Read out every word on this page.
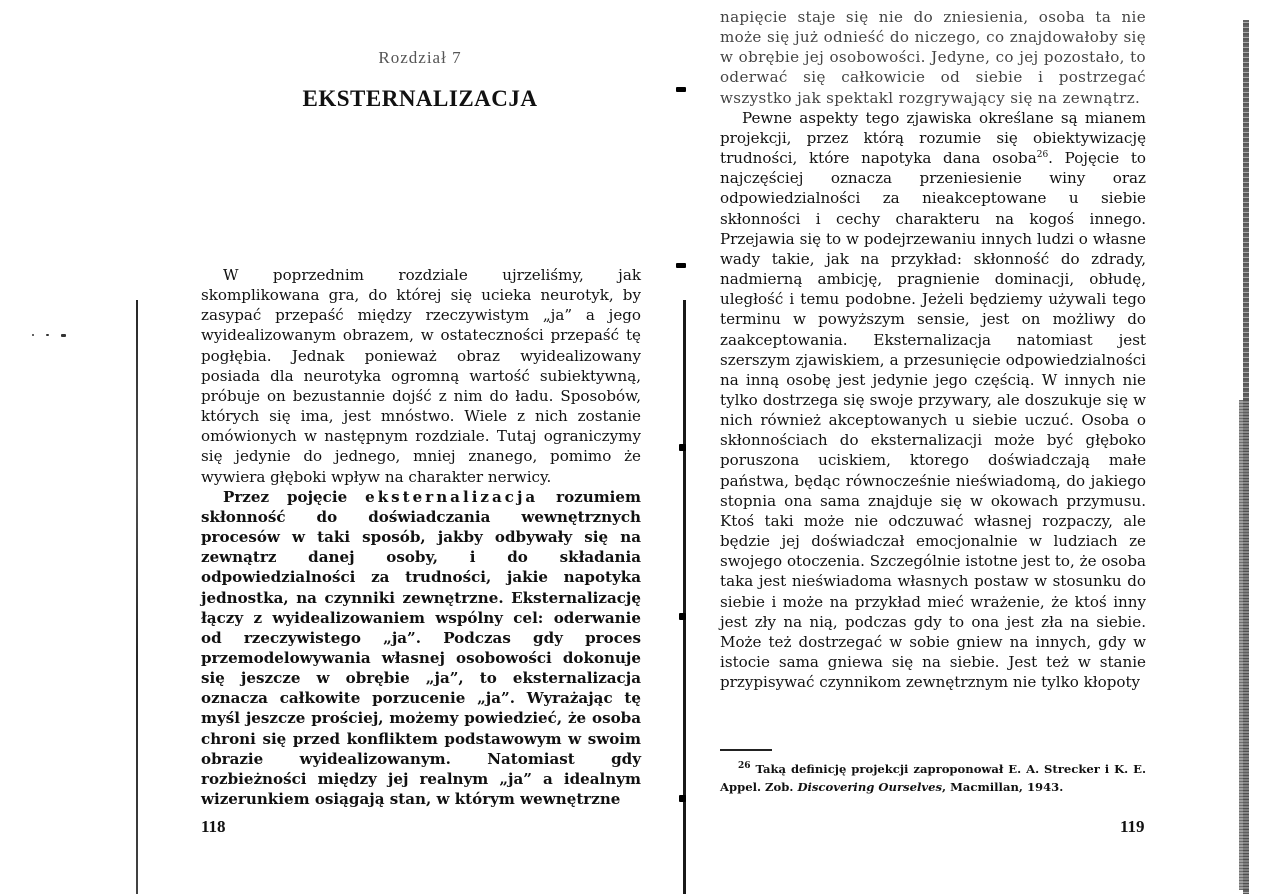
Rozdział 7
EKSTERNALIZACJA

W poprzednim rozdziale ujrzeliśmy, jak skomplikowana gra, do której się ucieka neurotyk, by zasypać przepaść między rzeczywistym „ja” a jego wyidealizowanym obrazem, w ostateczności przepaść tę pogłębia. Jednak ponieważ obraz wyidealizowany posiada dla neurotyka ogromną wartość subiektywną, próbuje on bezustannie dojść z nim do ładu. Sposobów, których się ima, jest mnóstwo. Wiele z nich zostanie omówionych w następnym rozdziale. Tutaj ograniczymy się jedynie do jednego, mniej znanego, pomimo że wywiera głęboki wpływ na charakter nerwicy.

Przez pojęcie eksternalizacja rozumiem skłonność do doświadczania wewnętrznych procesów w taki sposób, jakby odbywały się na zewnątrz danej osoby, i do składania odpowiedzialności za trudności, jakie napotyka jednostka, na czynniki zewnętrzne. Eksternalizację łączy z wyidealizowaniem wspólny cel: oderwanie od rzeczywistego „ja”. Podczas gdy proces przemodelowywania własnej osobowości dokonuje się jeszcze w obrębie „ja”, to eksternalizacja oznacza całkowite porzucenie „ja”. Wyrażając tę myśl jeszcze prościej, możemy powiedzieć, że osoba chroni się przed konfliktem podstawowym w swoim obrazie wyidealizowanym. Natomiast gdy rozbieżności między jej realnym „ja” a idealnym wizerunkiem osiągają stan, w którym wewnętrzne

118

napięcie staje się nie do zniesienia, osoba ta nie może się już odnieść do niczego, co znajdowałoby się w obrębie jej osobowości. Jedyne, co jej pozostało, to oderwać się całkowicie od siebie i postrzegać wszystko jak spektakl rozgrywający się na zewnątrz.

Pewne aspekty tego zjawiska określane są mianem projekcji, przez którą rozumie się obiektywizację trudności, które napotyka dana osoba$^{26}$. Pojęcie to najczęściej oznacza przeniesienie winy oraz odpowiedzialności za nieakceptowane u siebie skłonności i cechy charakteru na kogoś innego. Przejawia się to w podejrzewaniu innych ludzi o własne wady takie, jak na przykład: skłonność do zdrady, nadmierną ambicję, pragnienie dominacji, obłudę, uległość i temu podobne. Jeżeli będziemy używali tego terminu w powyższym sensie, jest on możliwy do zaakceptowania. Eksternalizacja natomiast jest szerszym zjawiskiem, a przesunięcie odpowiedzialności na inną osobę jest jedynie jego częścią. W innych nie tylko dostrzega się swoje przywary, ale doszukuje się w nich również akceptowanych u siebie uczuć. Osoba o skłonnościach do eksternalizacji może być głęboko poruszona uciskiem, ktorego doświadczają małe państwa, będąc równocześnie nieświadomą, do jakiego stopnia ona sama znajduje się w okowach przymusu. Ktoś taki może nie odczuwać własnej rozpaczy, ale będzie jej doświadczał emocjonalnie w ludziach ze swojego otoczenia. Szczególnie istotne jest to, że osoba taka jest nieświadoma własnych postaw w stosunku do siebie i może na przykład mieć wrażenie, że ktoś inny jest zły na nią, podczas gdy to ona jest zła na siebie. Może też dostrzegać w sobie gniew na innych, gdy w istocie sama gniewa się na siebie. Jest też w stanie przypisywać czynnikom zewnętrznym nie tylko kłopoty

$^{26}$ Taką definicję projekcji zaproponował E. A. Strecker i K. E. Appel. Zob. Discovering Ourselves, Macmillan, 1943.
119
